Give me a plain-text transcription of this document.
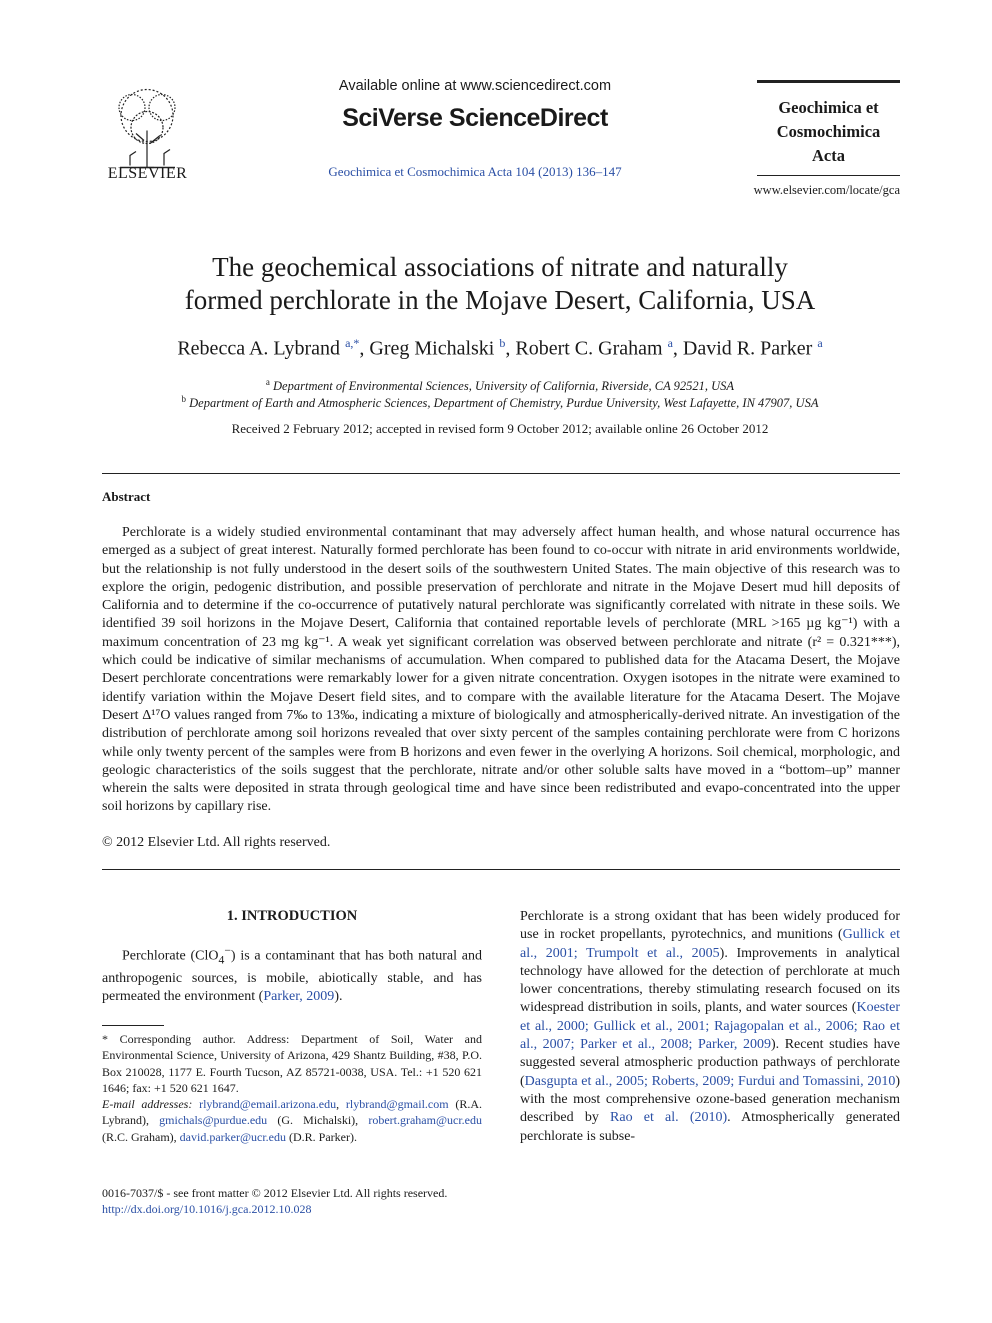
ELSEVIER
Available online at www.sciencedirect.com
SciVerse ScienceDirect
Geochimica et Cosmochimica Acta 104 (2013) 136–147
Geochimica et
Cosmochimica
Acta
www.elsevier.com/locate/gca
The geochemical associations of nitrate and naturally
formed perchlorate in the Mojave Desert, California, USA
Rebecca A. Lybrand $^{a,*}$, Greg Michalski $^b$, Robert C. Graham $^a$, David R. Parker $^a$
$^a$ Department of Environmental Sciences, University of California, Riverside, CA 92521, USA
$^b$ Department of Earth and Atmospheric Sciences, Department of Chemistry, Purdue University, West Lafayette, IN 47907, USA
Received 2 February 2012; accepted in revised form 9 October 2012; available online 26 October 2012
Abstract
Perchlorate is a widely studied environmental contaminant that may adversely affect human health, and whose natural occurrence has emerged as a subject of great interest. Naturally formed perchlorate has been found to co-occur with nitrate in arid environments worldwide, but the relationship is not fully understood in the desert soils of the southwestern United States. The main objective of this research was to explore the origin, pedogenic distribution, and possible preservation of perchlorate and nitrate in the Mojave Desert mud hill deposits of California and to determine if the co-occurrence of putatively natural perchlorate was significantly correlated with nitrate in these soils. We identified 39 soil horizons in the Mojave Desert, California that contained reportable levels of perchlorate (MRL >165 µg kg⁻¹) with a maximum concentration of 23 mg kg⁻¹. A weak yet significant correlation was observed between perchlorate and nitrate (r² = 0.321***), which could be indicative of similar mechanisms of accumulation. When compared to published data for the Atacama Desert, the Mojave Desert perchlorate concentrations were remarkably lower for a given nitrate concentration. Oxygen isotopes in the nitrate were examined to identify variation within the Mojave Desert field sites, and to compare with the available literature for the Atacama Desert. The Mojave Desert Δ¹⁷O values ranged from 7‰ to 13‰, indicating a mixture of biologically and atmospherically-derived nitrate. An investigation of the distribution of perchlorate among soil horizons revealed that over sixty percent of the samples containing perchlorate were from C horizons while only twenty percent of the samples were from B horizons and even fewer in the overlying A horizons. Soil chemical, morphologic, and geologic characteristics of the soils suggest that the perchlorate, nitrate and/or other soluble salts have moved in a “bottom–up” manner wherein the salts were deposited in strata through geological time and have since been redistributed and evapo-concentrated into the upper soil horizons by capillary rise.
© 2012 Elsevier Ltd. All rights reserved.
1. INTRODUCTION
Perchlorate (ClO$_4$−) is a contaminant that has both natural and anthropogenic sources, is mobile, abiotically stable, and has permeated the environment (Parker, 2009).
* Corresponding author. Address: Department of Soil, Water and Environmental Science, University of Arizona, 429 Shantz Building, #38, P.O. Box 210028, 1177 E. Fourth Tucson, AZ 85721-0038, USA. Tel.: +1 520 621 1646; fax: +1 520 621 1647.
E-mail addresses: rlybrand@email.arizona.edu, rlybrand@gmail.com (R.A. Lybrand), gmichals@purdue.edu (G. Michalski), robert.graham@ucr.edu (R.C. Graham), david.parker@ucr.edu (D.R. Parker).
0016-7037/$ - see front matter © 2012 Elsevier Ltd. All rights reserved.
http://dx.doi.org/10.1016/j.gca.2012.10.028
Perchlorate is a strong oxidant that has been widely produced for use in rocket propellants, pyrotechnics, and munitions (Gullick et al., 2001; Trumpolt et al., 2005). Improvements in analytical technology have allowed for the detection of perchlorate at much lower concentrations, thereby stimulating research focused on its widespread distribution in soils, plants, and water sources (Koester et al., 2000; Gullick et al., 2001; Rajagopalan et al., 2006; Rao et al., 2007; Parker et al., 2008; Parker, 2009). Recent studies have suggested several atmospheric production pathways of perchlorate (Dasgupta et al., 2005; Roberts, 2009; Furdui and Tomassini, 2010) with the most comprehensive ozone-based generation mechanism described by Rao et al. (2010). Atmospherically generated perchlorate is subse-
